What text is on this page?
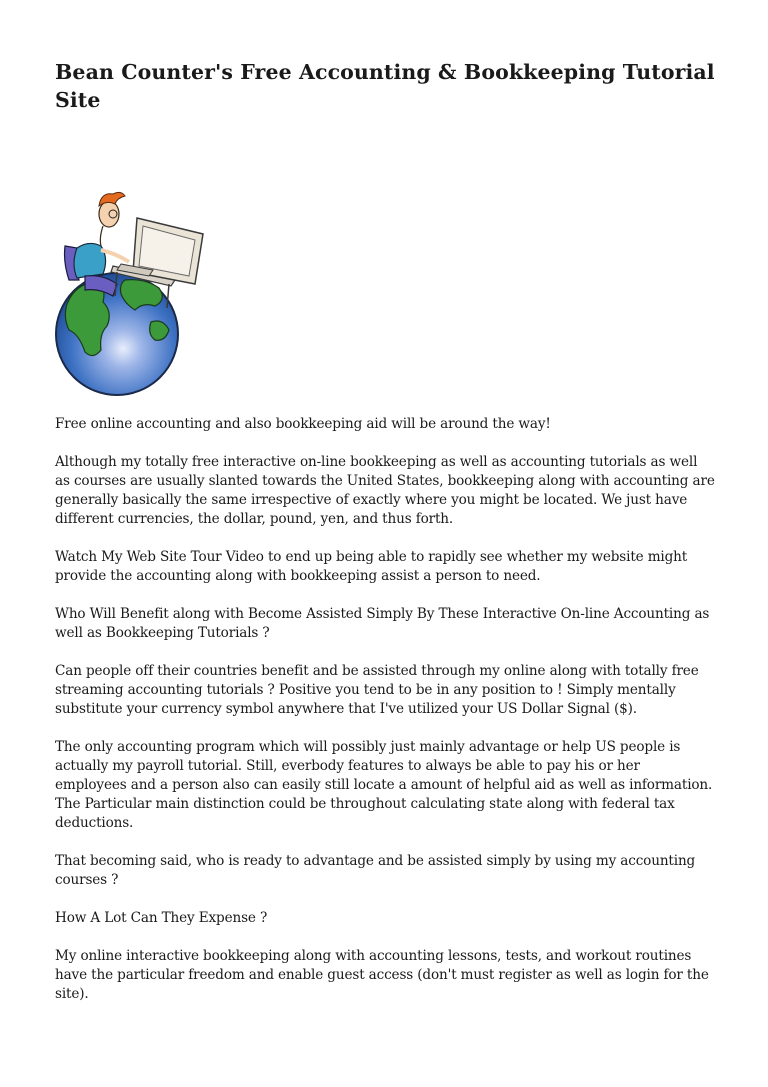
Bean Counter's Free Accounting & Bookkeeping Tutorial Site

Free online accounting and also bookkeeping aid will be around the way!

Although my totally free interactive on-line bookkeeping as well as accounting tutorials as well as courses are usually slanted towards the United States, bookkeeping along with accounting are generally basically the same irrespective of exactly where you might be located. We just have different currencies, the dollar, pound, yen, and thus forth.

Watch My Web Site Tour Video to end up being able to rapidly see whether my website might provide the accounting along with bookkeeping assist a person to need.

Who Will Benefit along with Become Assisted Simply By These Interactive On-line Accounting as well as Bookkeeping Tutorials ?

Can people off their countries benefit and be assisted through my online along with totally free streaming accounting tutorials ? Positive you tend to be in any position to ! Simply mentally substitute your currency symbol anywhere that I've utilized your US Dollar Signal ($).

The only accounting program which will possibly just mainly advantage or help US people is actually my payroll tutorial. Still, everbody features to always be able to pay his or her employees and a person also can easily still locate a amount of helpful aid as well as information. The Particular main distinction could be throughout calculating state along with federal tax deductions.

That becoming said, who is ready to advantage and be assisted simply by using my accounting courses ?

How A Lot Can They Expense ?

My online interactive bookkeeping along with accounting lessons, tests, and workout routines have the particular freedom and enable guest access (don't must register as well as login for the site).
